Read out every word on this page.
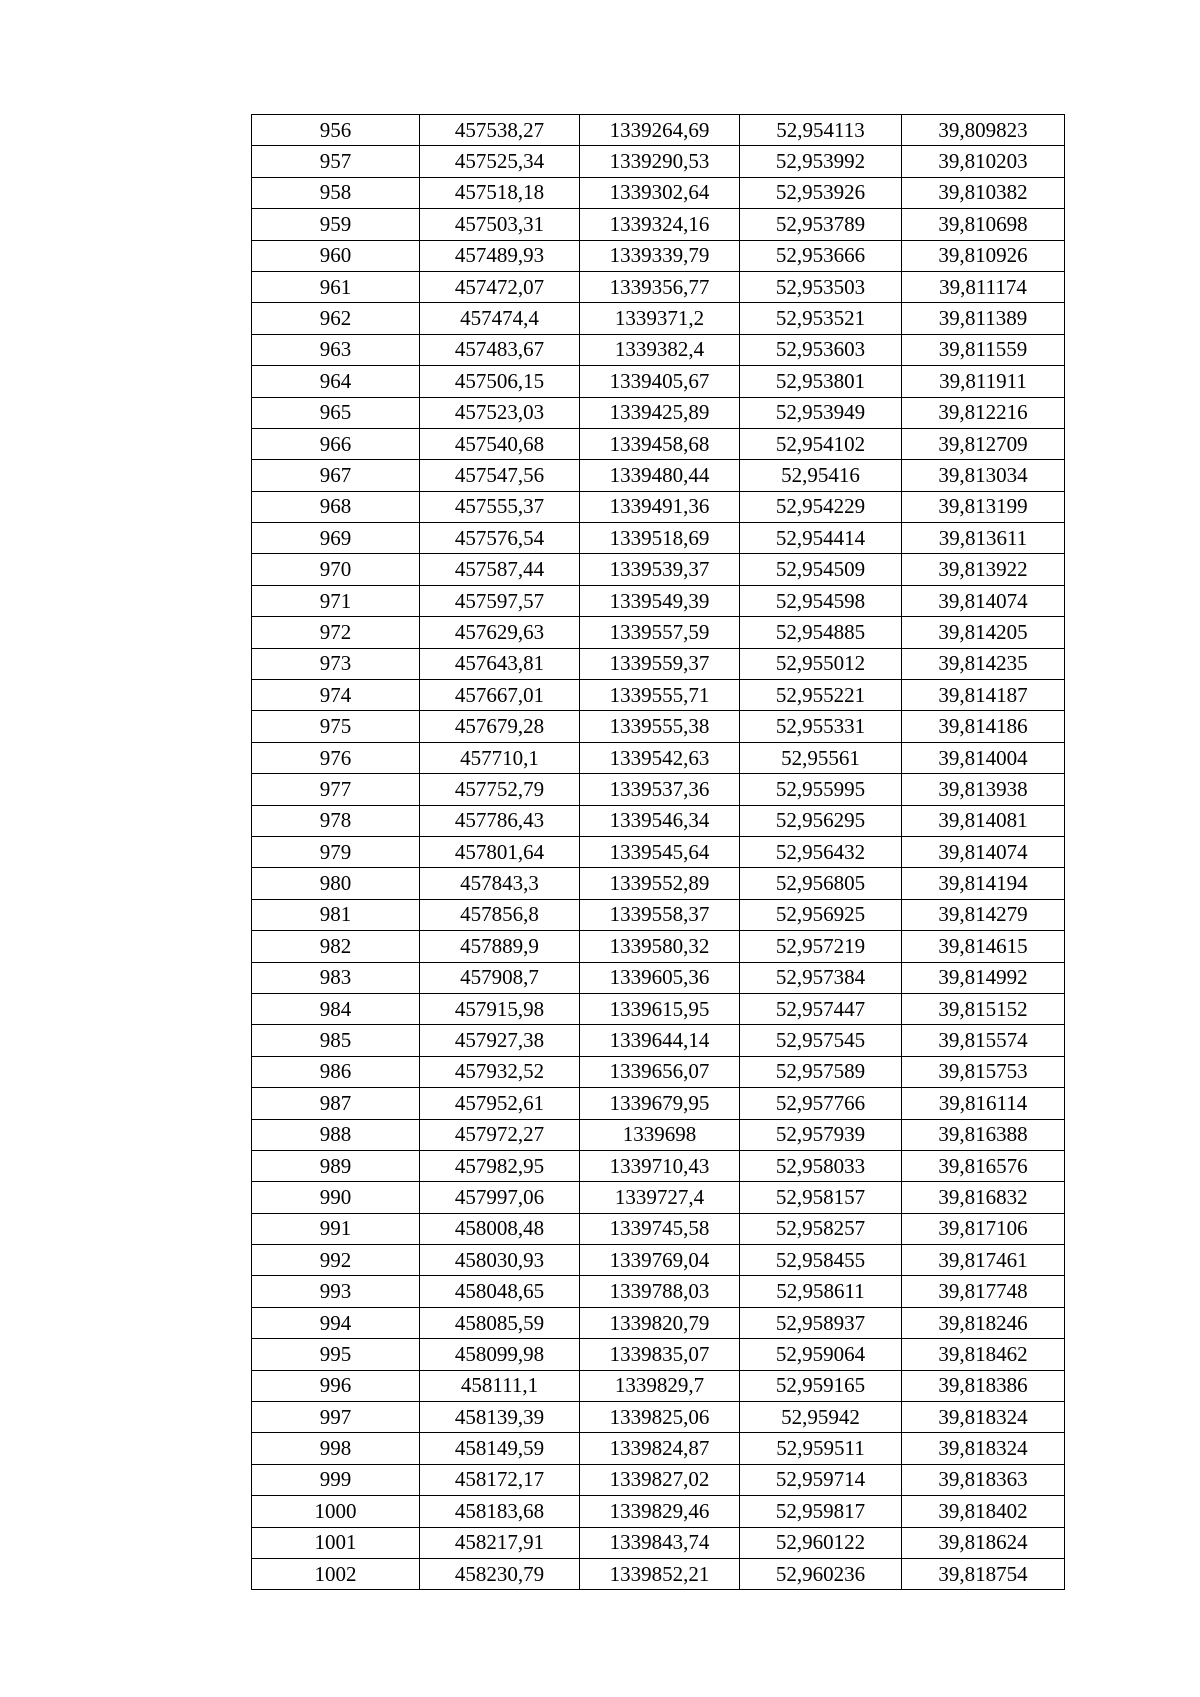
956	457538,27	1339264,69	52,954113	39,809823
957	457525,34	1339290,53	52,953992	39,810203
958	457518,18	1339302,64	52,953926	39,810382
959	457503,31	1339324,16	52,953789	39,810698
960	457489,93	1339339,79	52,953666	39,810926
961	457472,07	1339356,77	52,953503	39,811174
962	457474,4	1339371,2	52,953521	39,811389
963	457483,67	1339382,4	52,953603	39,811559
964	457506,15	1339405,67	52,953801	39,811911
965	457523,03	1339425,89	52,953949	39,812216
966	457540,68	1339458,68	52,954102	39,812709
967	457547,56	1339480,44	52,95416	39,813034
968	457555,37	1339491,36	52,954229	39,813199
969	457576,54	1339518,69	52,954414	39,813611
970	457587,44	1339539,37	52,954509	39,813922
971	457597,57	1339549,39	52,954598	39,814074
972	457629,63	1339557,59	52,954885	39,814205
973	457643,81	1339559,37	52,955012	39,814235
974	457667,01	1339555,71	52,955221	39,814187
975	457679,28	1339555,38	52,955331	39,814186
976	457710,1	1339542,63	52,95561	39,814004
977	457752,79	1339537,36	52,955995	39,813938
978	457786,43	1339546,34	52,956295	39,814081
979	457801,64	1339545,64	52,956432	39,814074
980	457843,3	1339552,89	52,956805	39,814194
981	457856,8	1339558,37	52,956925	39,814279
982	457889,9	1339580,32	52,957219	39,814615
983	457908,7	1339605,36	52,957384	39,814992
984	457915,98	1339615,95	52,957447	39,815152
985	457927,38	1339644,14	52,957545	39,815574
986	457932,52	1339656,07	52,957589	39,815753
987	457952,61	1339679,95	52,957766	39,816114
988	457972,27	1339698	52,957939	39,816388
989	457982,95	1339710,43	52,958033	39,816576
990	457997,06	1339727,4	52,958157	39,816832
991	458008,48	1339745,58	52,958257	39,817106
992	458030,93	1339769,04	52,958455	39,817461
993	458048,65	1339788,03	52,958611	39,817748
994	458085,59	1339820,79	52,958937	39,818246
995	458099,98	1339835,07	52,959064	39,818462
996	458111,1	1339829,7	52,959165	39,818386
997	458139,39	1339825,06	52,95942	39,818324
998	458149,59	1339824,87	52,959511	39,818324
999	458172,17	1339827,02	52,959714	39,818363
1000	458183,68	1339829,46	52,959817	39,818402
1001	458217,91	1339843,74	52,960122	39,818624
1002	458230,79	1339852,21	52,960236	39,818754
